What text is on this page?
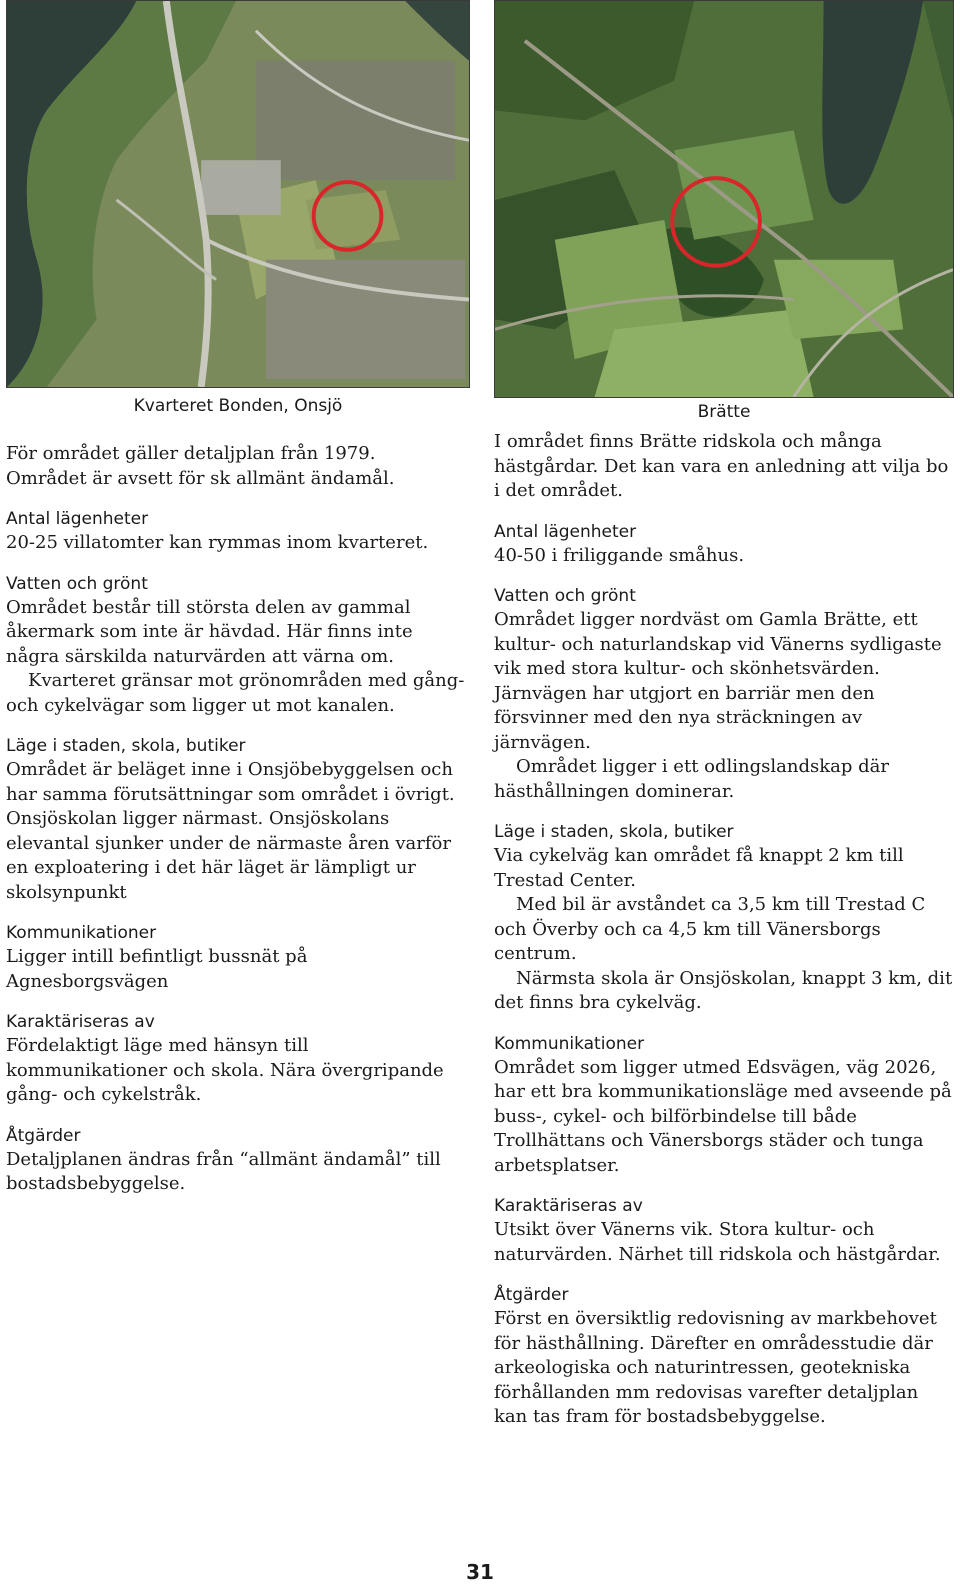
Kvarteret Bonden, Onsjö

För området gäller detaljplan från 1979.

Området är avsett för sk allmänt ändamål.

Antal lägenheter

20-25 villatomter kan rymmas inom kvarteret.

Vatten och grönt

Området består till största delen av gammal åkermark som inte är hävdad. Här finns inte några särskilda naturvärden att värna om.

Kvarteret gränsar mot grönområden med gång- och cykelvägar som ligger ut mot kanalen.

Läge i staden, skola, butiker

Området är beläget inne i Onsjöbebyggelsen och har samma förutsättningar som området i övrigt. Onsjöskolan ligger närmast. Onsjöskolans elevantal sjunker under de närmaste åren varför en exploatering i det här läget är lämpligt ur skolsynpunkt

Kommunikationer

Ligger intill befintligt bussnät på Agnesborgsvägen

Karaktäriseras av

Fördelaktigt läge med hänsyn till kommunikationer och skola. Nära övergripande gång- och cykelstråk.

Åtgärder

Detaljplanen ändras från “allmänt ändamål” till bostadsbebyggelse.

Brätte

I området finns Brätte ridskola och många hästgårdar. Det kan vara en anledning att vilja bo i det området.

Antal lägenheter

40-50 i friliggande småhus.

Vatten och grönt

Området ligger nordväst om Gamla Brätte, ett kultur- och naturlandskap vid Vänerns sydligaste vik med stora kultur- och skönhetsvärden. Järnvägen har utgjort en barriär men den försvinner med den nya sträckningen av järnvägen.

Området ligger i ett odlingslandskap där hästhållningen dominerar.

Läge i staden, skola, butiker

Via cykelväg kan området få knappt 2 km till Trestad Center.

Med bil är avståndet ca 3,5 km till Trestad C och Överby och ca 4,5 km till Vänersborgs centrum.

Närmsta skola är Onsjöskolan, knappt 3 km, dit det finns bra cykelväg.

Kommunikationer

Området som ligger utmed Edsvägen, väg 2026, har ett bra kommunikationsläge med avseende på buss-, cykel- och bilförbindelse till både Trollhättans och Vänersborgs städer och tunga arbetsplatser.

Karaktäriseras av

Utsikt över Vänerns vik. Stora kultur- och naturvärden. Närhet till ridskola och hästgårdar.

Åtgärder

Först en översiktlig redovisning av markbehovet för hästhållning. Därefter en områdesstudie där arkeologiska och naturintressen, geotekniska förhållanden mm redovisas varefter detaljplan kan tas fram för bostadsbebyggelse.

31
